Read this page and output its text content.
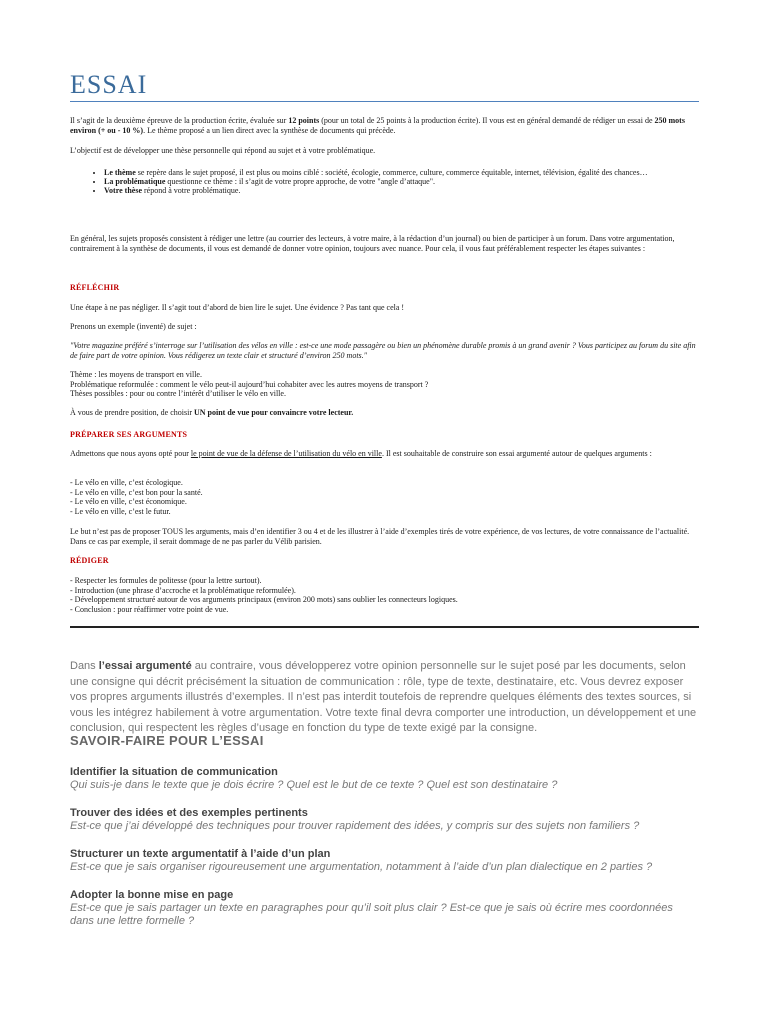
ESSAI

Il s’agit de la deuxième épreuve de la production écrite, évaluée sur 12 points (pour un total de 25 points à la production écrite). Il vous est en général demandé de rédiger un essai de 250 mots environ (+ ou - 10 %). Le thème proposé a un lien direct avec la synthèse de documents qui précède.

L’objectif est de développer une thèse personnelle qui répond au sujet et à votre problématique.

• Le thème se repère dans le sujet proposé, il est plus ou moins ciblé : société, écologie, commerce, culture, commerce équitable, internet, télévision, égalité des chances…
• La problématique questionne ce thème : il s’agit de votre propre approche, de votre "angle d’attaque".
• Votre thèse répond à votre problématique.

En général, les sujets proposés consistent à rédiger une lettre (au courrier des lecteurs, à votre maire, à la rédaction d’un journal) ou bien de participer à un forum. Dans votre argumentation, contrairement à la synthèse de documents, il vous est demandé de donner votre opinion, toujours avec nuance. Pour cela, il vous faut préférablement respecter les étapes suivantes :

RÉFLÉCHIR

Une étape à ne pas négliger. Il s’agit tout d’abord de bien lire le sujet. Une évidence ? Pas tant que cela !

Prenons un exemple (inventé) de sujet :

"Votre magazine préféré s’interroge sur l’utilisation des vélos en ville : est-ce une mode passagère ou bien un phénomène durable promis à un grand avenir ? Vous participez au forum du site afin de faire part de votre opinion. Vous rédigerez un texte clair et structuré d’environ 250 mots."

Thème : les moyens de transport en ville.

Problématique reformulée : comment le vélo peut-il aujourd’hui cohabiter avec les autres moyens de transport ?

Thèses possibles : pour ou contre l’intérêt d’utiliser le vélo en ville.

À vous de prendre position, de choisir UN point de vue pour convaincre votre lecteur.

PRÉPARER SES ARGUMENTS

Admettons que nous ayons opté pour le point de vue de la défense de l’utilisation du vélo en ville. Il est souhaitable de construire son essai argumenté autour de quelques arguments :

- Le vélo en ville, c’est écologique.

- Le vélo en ville, c’est bon pour la santé.

- Le vélo en ville, c’est économique.

- Le vélo en ville, c’est le futur.

Le but n’est pas de proposer TOUS les arguments, mais d’en identifier 3 ou 4 et de les illustrer à l’aide d’exemples tirés de votre expérience, de vos lectures, de votre connaissance de l’actualité. Dans ce cas par exemple, il serait dommage de ne pas parler du Vélib parisien.

RÉDIGER

- Respecter les formules de politesse (pour la lettre surtout).

- Introduction (une phrase d’accroche et la problématique reformulée).

- Développement structuré autour de vos arguments principaux (environ 200 mots) sans oublier les connecteurs logiques.

- Conclusion : pour réaffirmer votre point de vue.

Dans l’essai argumenté au contraire, vous développerez votre opinion personnelle sur le sujet posé par les documents, selon une consigne qui décrit précisément la situation de communication : rôle, type de texte, destinataire, etc. Vous devrez exposer vos propres arguments illustrés d’exemples. Il n’est pas interdit toutefois de reprendre quelques éléments des textes sources, si vous les intégrez habilement à votre argumentation. Votre texte final devra comporter une introduction, un développement et une conclusion, qui respectent les règles d’usage en fonction du type de texte exigé par la consigne.

SAVOIR-FAIRE POUR L’ESSAI
Identifier la situation de communication
Qui suis-je dans le texte que je dois écrire ? Quel est le but de ce texte ? Quel est son destinataire ?
Trouver des idées et des exemples pertinents
Est-ce que j’ai développé des techniques pour trouver rapidement des idées, y compris sur des sujets non familiers ?
Structurer un texte argumentatif à l’aide d’un plan
Est-ce que je sais organiser rigoureusement une argumentation, notamment à l’aide d’un plan dialectique en 2 parties ?
Adopter la bonne mise en page
Est-ce que je sais partager un texte en paragraphes pour qu’il soit plus clair ? Est-ce que je sais où écrire mes coordonnées dans une lettre formelle ?
